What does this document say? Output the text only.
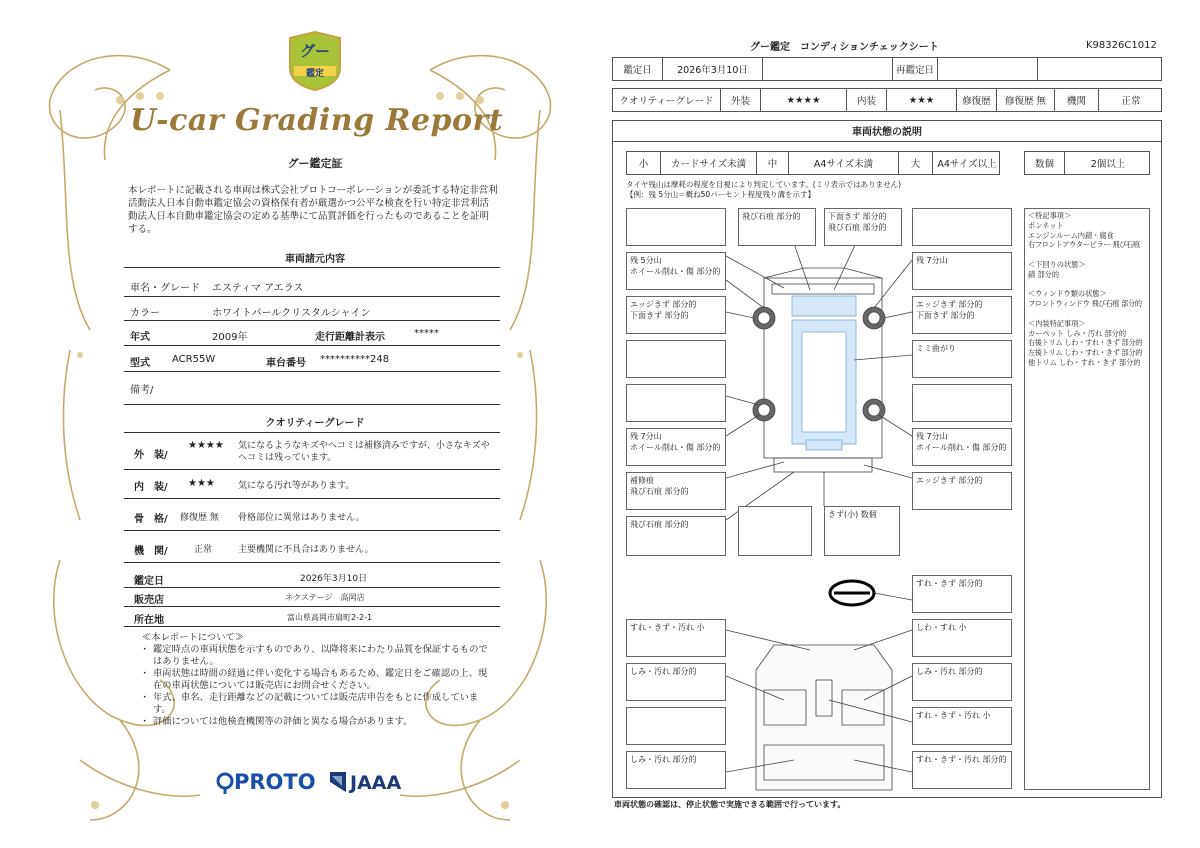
グー
鑑定
U-car Grading Report
グー鑑定証
本レポートに記載される車両は株式会社プロトコーポレーションが委託する特定非営利活動法人日本自動車鑑定協会の資格保有者が厳選かつ公平な検査を行い特定非営利活動法人日本自動車鑑定協会の定める基準にて品質評価を行ったものであることを証明する。
車両諸元内容
車名・グレード エスティマ アエラス
カラー	ホワイトパールクリスタルシャイン
年式	2009年	走行距離計表示	*****
型式 ACR55W	車台番号 **********248
備考/
クオリティーグレード
外　装/
★★★★ 気になるようなキズやヘコミは補修済みですが、小さなキズやヘコミは残っています。
内　装/ ★★★	気になる汚れ等があります。
骨　格/ 修復歴 無 骨格部位に異常はありません。
機　関/	正常	主要機関に不具合はありません。
鑑定日	2026年3月10日
販売店	ネクステージ　高岡店
所在地	富山県高岡市扇町2-2-1
≪本レポートについて≫
・ 鑑定時点の車両状態を示すものであり、以降将来にわたり品質を保証するものではありません。
・ 車両状態は時間の経過に伴い変化する場合もあるため、鑑定日をご確認の上、現在の車両状態については販売店にお問合せください。
・ 年式、車名、走行距離などの記載については販売店申告をもとに作成しています。
・ 評価については他検査機関等の評価と異なる場合があります。
PROTO JAAA
グー鑑定　コンディションチェックシート	K98326C1012
鑑定日	2026年3月10日	再鑑定日
クオリティーグレード	外装	★★★★	内装	★★★	修復歴	修復歴 無	機関	正常
車両状態の説明
小	カードサイズ未満	中	A4サイズ未満	大	A4サイズ以上	数個	2個以上
タイヤ残山は摩耗の程度を目視により判定しています。(ミリ表示ではありません)
【例：残 5分山＝概ね50パーセント程度残り溝を示す】
飛び石痕 部分的	下面きず 部分的
飛び石痕 部分的
残 5分山
ホイール削れ・傷 部分的
残 7分山
エッジきず 部分的
下面きず 部分的
エッジきず 部分的
下面きず 部分的
ミミ曲がり
残 7分山
ホイール削れ・傷 部分的
残 7分山
ホイール削れ・傷 部分的
補修痕
飛び石痕 部分的
エッジきず 部分的
飛び石痕 部分的
きず(小) 数個
すれ・きず 部分的
すれ・きず・汚れ 小	しわ・すれ 小
しみ・汚れ 部分的	しみ・汚れ 部分的
すれ・きず・汚れ 小
しみ・汚れ 部分的	すれ・きず・汚れ 部分的
＜特記事項＞
ボンネット
エンジンルーム内錆・腐食
右フロントアウターピラー 飛び石痕
＜下回りの状態＞
錆 部分的
＜ウィンドウ類の状態＞
フロントウィンドウ 飛び石痕 部分的
＜内装特記事項＞
カーペット しみ・汚れ 部分的
右後トリム しわ・すれ・きず 部分的
左後トリム しわ・すれ・きず 部分的
他トリム しわ・すれ・きず 部分的
車両状態の確認は、停止状態で実施できる範囲で行っています。
